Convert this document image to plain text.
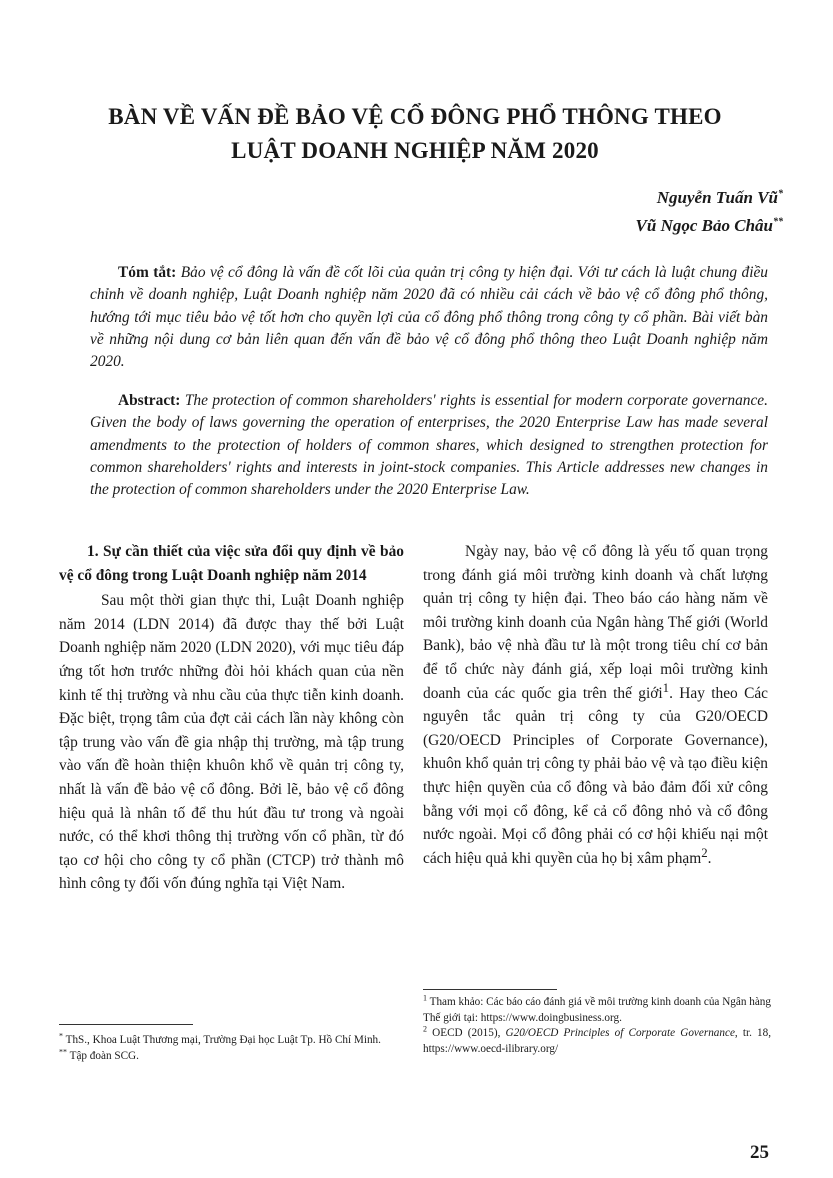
BÀN VỀ VẤN ĐỀ BẢO VỆ CỔ ĐÔNG PHỔ THÔNG THEO
LUẬT DOANH NGHIỆP NĂM 2020
Nguyễn Tuấn Vũ*
Vũ Ngọc Bảo Châu**
Tóm tắt: Bảo vệ cổ đông là vấn đề cốt lõi của quản trị công ty hiện đại. Với tư cách là luật chung điều chỉnh về doanh nghiệp, Luật Doanh nghiệp năm 2020 đã có nhiều cải cách về bảo vệ cổ đông phổ thông, hướng tới mục tiêu bảo vệ tốt hơn cho quyền lợi của cổ đông phổ thông trong công ty cổ phần. Bài viết bàn về những nội dung cơ bản liên quan đến vấn đề bảo vệ cổ đông phổ thông theo Luật Doanh nghiệp năm 2020.
Abstract: The protection of common shareholders' rights is essential for modern corporate governance. Given the body of laws governing the operation of enterprises, the 2020 Enterprise Law has made several amendments to the protection of holders of common shares, which designed to strengthen protection for common shareholders' rights and interests in joint-stock companies. This Article addresses new changes in the protection of common shareholders under the 2020 Enterprise Law.

1. Sự cần thiết của việc sửa đổi quy định về bảo vệ cổ đông trong Luật Doanh nghiệp năm 2014

Sau một thời gian thực thi, Luật Doanh nghiệp năm 2014 (LDN 2014) đã được thay thế bởi Luật Doanh nghiệp năm 2020 (LDN 2020), với mục tiêu đáp ứng tốt hơn trước những đòi hỏi khách quan của nền kinh tế thị trường và nhu cầu của thực tiễn kinh doanh. Đặc biệt, trọng tâm của đợt cải cách lần này không còn tập trung vào vấn đề gia nhập thị trường, mà tập trung vào vấn đề hoàn thiện khuôn khổ về quản trị công ty, nhất là vấn đề bảo vệ cổ đông. Bởi lẽ, bảo vệ cổ đông hiệu quả là nhân tố để thu hút đầu tư trong và ngoài nước, có thể khơi thông thị trường vốn cổ phần, từ đó tạo cơ hội cho công ty cổ phần (CTCP) trở thành mô hình công ty đối vốn đúng nghĩa tại Việt Nam.

Ngày nay, bảo vệ cổ đông là yếu tố quan trọng trong đánh giá môi trường kinh doanh và chất lượng quản trị công ty hiện đại. Theo báo cáo hàng năm về môi trường kinh doanh của Ngân hàng Thế giới (World Bank), bảo vệ nhà đầu tư là một trong tiêu chí cơ bản để tổ chức này đánh giá, xếp loại môi trường kinh doanh của các quốc gia trên thế giới$^1$. Hay theo Các nguyên tắc quản trị công ty của G20/OECD (G20/OECD Principles of Corporate Governance), khuôn khổ quản trị công ty phải bảo vệ và tạo điều kiện thực hiện quyền của cổ đông và bảo đảm đối xử công bằng với mọi cổ đông, kể cả cổ đông nhỏ và cổ đông nước ngoài. Mọi cổ đông phải có cơ hội khiếu nại một cách hiệu quả khi quyền của họ bị xâm phạm$^2$.

* ThS., Khoa Luật Thương mại, Trường Đại học Luật Tp. Hồ Chí Minh.
** Tập đoàn SCG.
$^1$ Tham khảo: Các báo cáo đánh giá về môi trường kinh doanh của Ngân hàng Thế giới tại: https://www.doingbusiness.org.
$^2$ OECD (2015), G20/OECD Principles of Corporate Governance, tr. 18, https://www.oecd-ilibrary.org/
25
